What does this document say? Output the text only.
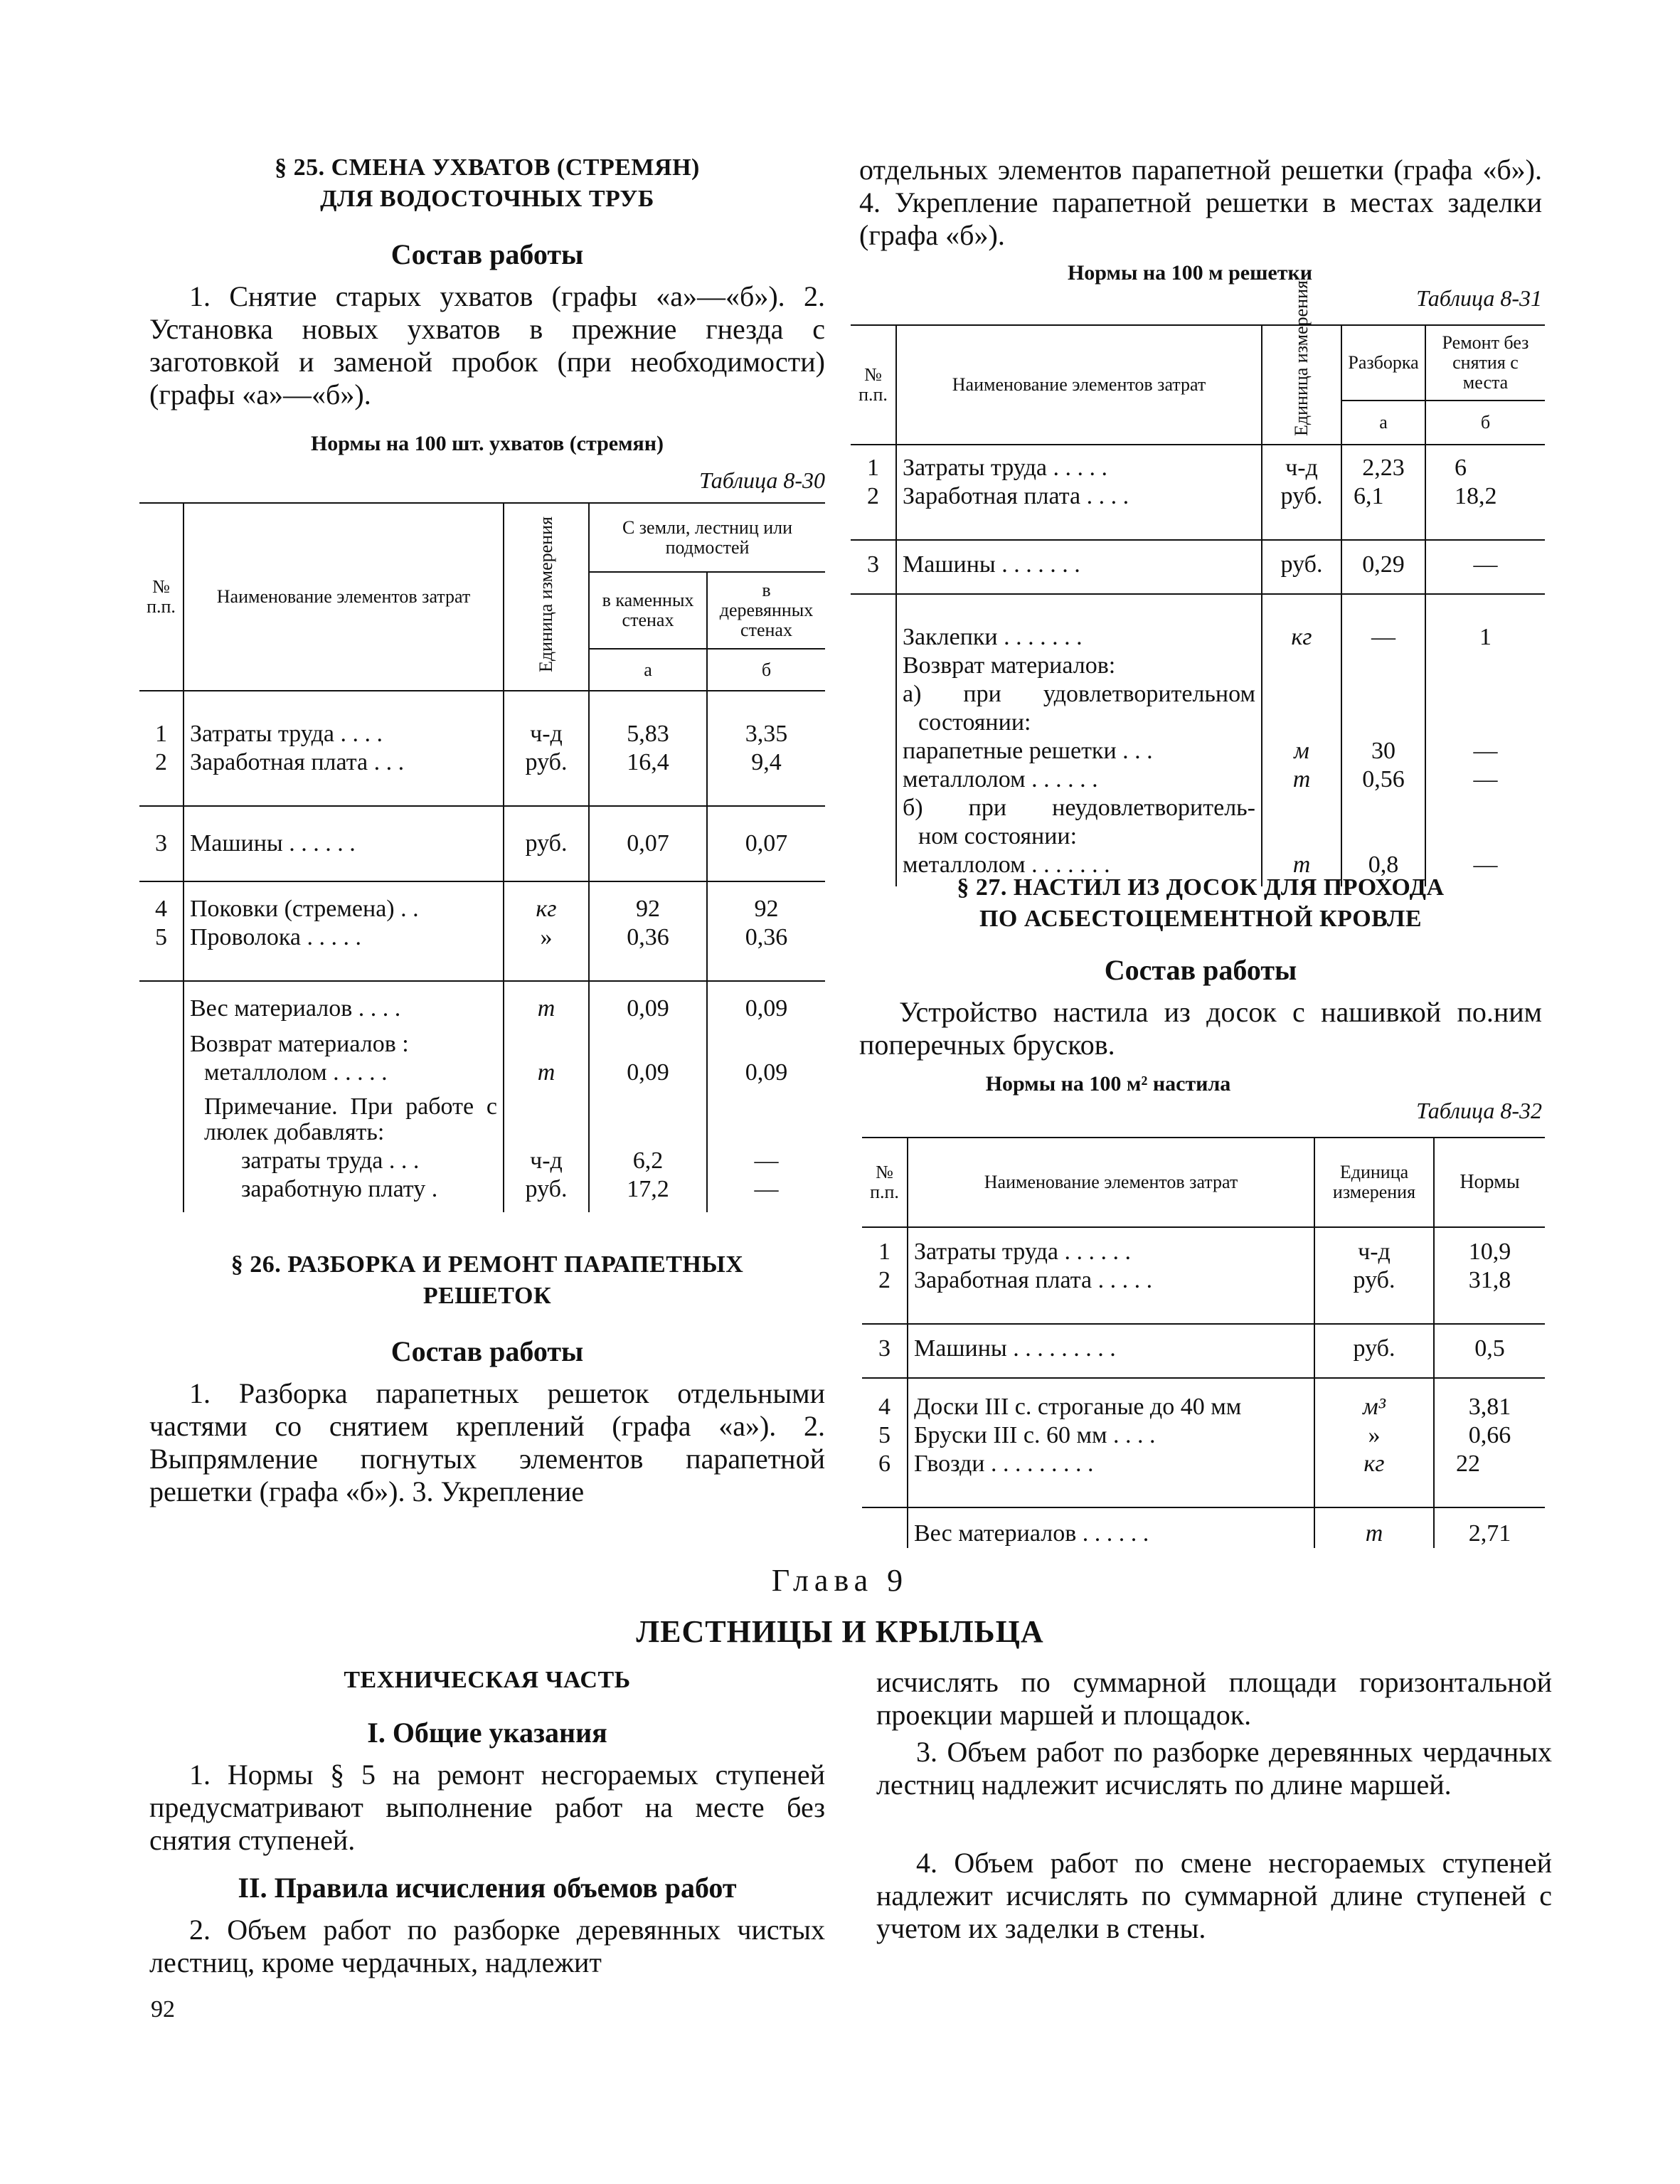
§ 25. СМЕНА УХВАТОВ (СТРЕМЯН)
ДЛЯ ВОДОСТОЧНЫХ ТРУБ
Состав работы
1. Снятие старых ухватов (графы «а»—«б»). 2. Установка новых ухватов в прежние гнезда с заготовкой и заменой пробок (при необходимости) (графы «а»—«б»).
Нормы на 100 шт. ухватов (стремян)
Таблица 8-30
№ п.п.	Наименование элементов затрат	Единица измерения	С земли, лестниц или подмостей	
			в каменных стенах	в деревянных стенах
			а	б

1	Затраты труда . . . .	ч-д	5,83	3,35
2	Заработная плата . . .	руб.	16,4	9,4

3	Машины . . . . . .	руб.	0,07	0,07
4	Поковки (стремена) . .	кг	92	92
5	Проволока . . . . .	»	0,36	0,36

	Вес материалов . . . .	т	0,09	0,09
	Возврат материалов :			
	металлолом . . . . .	т	0,09	0,09
	Примечание. При работе с люлек добавлять:			
	затраты труда . . .	ч-д	6,2	—
	заработную плату .	руб.	17,2	—
§ 26. РАЗБОРКА И РЕМОНТ ПАРАПЕТНЫХ
РЕШЕТОК
Состав работы
1. Разборка парапетных решеток отдельными частями со снятием креплений (графа «а»). 2. Выпрямление погнутых элементов парапетной решетки (графа «б»). 3. Укрепление
отдельных элементов парапетной решетки (графа «б»). 4. Укрепление парапетной решетки в местах заделки (графа «б»).
Нормы на 100 м решетки
Таблица 8-31
№ п.п.	Наименование элементов затрат	Единица измерения	Разборка	Ремонт без снятия с места
			а	б
1	Затраты труда . . . . .	ч-д	2,23	6
2	Заработная плата . . . .	руб.	6,1	18,2

3	Машины . . . . . . .	руб.	0,29	—

	Заклепки . . . . . . .	кг	—	1
	Возврат материалов:			
	а) при удовлетворительном			
	состоянии:			
	парапетные решетки . . .	м	30	—
	металлолом . . . . . .	т	0,56	—
	б) при неудовлетворитель-			
	ном состоянии:			
	металлолом . . . . . . .	т	0,8	—
§ 27. НАСТИЛ ИЗ ДОСОК ДЛЯ ПРОХОДА
ПО АСБЕСТОЦЕМЕНТНОЙ КРОВЛЕ
Состав работы
Устройство настила из досок с нашивкой по.ним поперечных брусков.
Нормы на 100 м² настила
Таблица 8-32
№ п.п.	Наименование элементов затрат	Единица измерения	Нормы
1	Затраты труда . . . . . .	ч-д	10,9
2	Заработная плата . . . . .	руб.	31,8

3	Машины . . . . . . . . .	руб.	0,5
4	Доски III с. строганые до 40 мм	м³	3,81
5	Бруски III с. 60 мм . . . .	»	0,66
6	Гвозди . . . . . . . . .	кг	22

	Вес материалов . . . . . .	т	2,71
Глава 9
ЛЕСТНИЦЫ И КРЫЛЬЦА
ТЕХНИЧЕСКАЯ ЧАСТЬ
I. Общие указания
1. Нормы § 5 на ремонт несгораемых ступеней предусматривают выполнение работ на месте без снятия ступеней.
II. Правила исчисления объемов работ
2. Объем работ по разборке деревянных чистых лестниц, кроме чердачных, надлежит
исчислять по суммарной площади горизонтальной проекции маршей и площадок.
3. Объем работ по разборке деревянных чердачных лестниц надлежит исчислять по длине маршей.
4. Объем работ по смене несгораемых ступеней надлежит исчислять по суммарной длине ступеней с учетом их заделки в стены.
92
